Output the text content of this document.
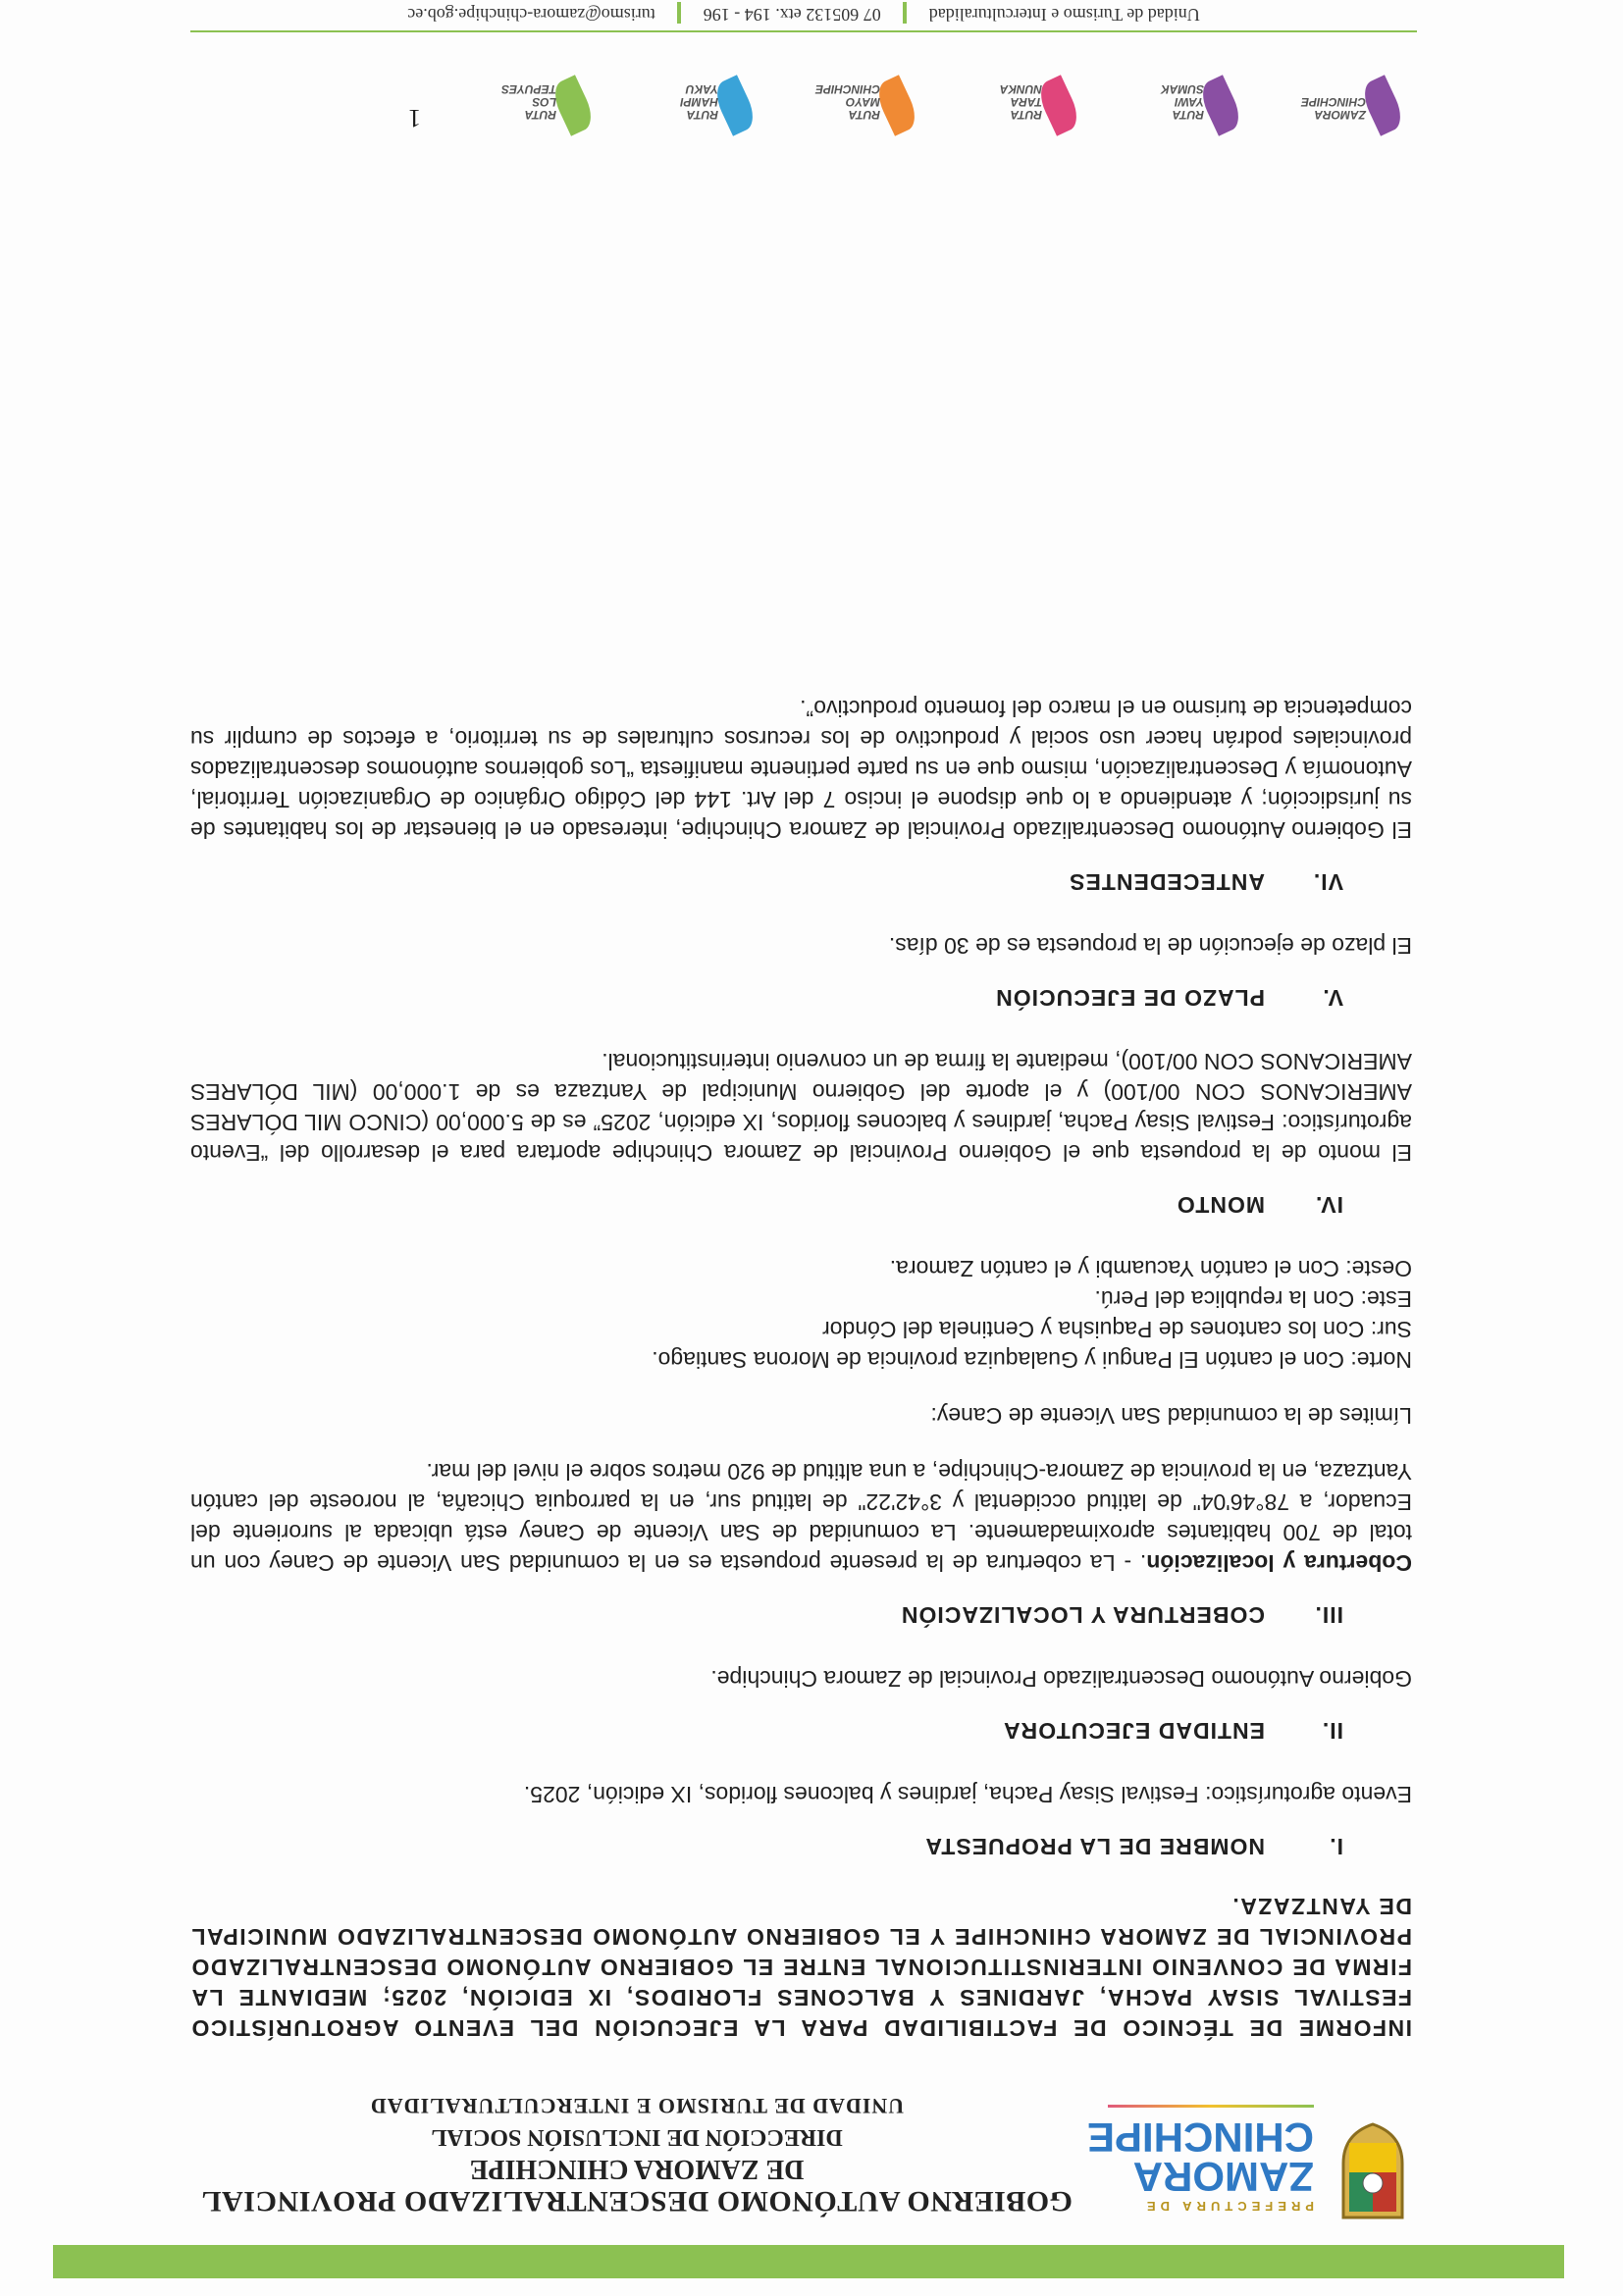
PREFECTURA DE
ZAMORA
CHINCHIPE
GOBIERNO AUTÓNOMO DESCENTRALIZADO PROVINCIAL
DE ZAMORA CHINCHIPE
DIRECCIÓN DE INCLUSIÓN SOCIAL
UNIDAD DE TURISMO E INTERCULTURALIDAD
INFORME DE TÉCNICO DE FACTIBILIDAD PARA LA EJECUCIÓN DEL EVENTO AGROTURÍSTICO FESTIVAL SISAY PACHA, JARDINES Y BALCONES FLORIDOS, IX EDICIÓN, 2025; MEDIANTE LA FIRMA DE CONVENIO INTERINSTITUCIONAL ENTRE EL GOBIERNO AUTÓNOMO DESCENTRALIZADO PROVINCIAL DE ZAMORA CHINCHIPE Y EL GOBIERNO AUTÓNOMO DESCENTRALIZADO MUNICIPAL DE YANTZAZA.
I.NOMBRE DE LA PROPUESTA

Evento agroturístico: Festival Sisay Pacha, jardines y balcones floridos, IX edición, 2025.

II.ENTIDAD EJECUTORA

Gobierno Autónomo Descentralizado Provincial de Zamora Chinchipe.

III.COBERTURA Y LOCALIZACIÓN

Cobertura y localización. - La cobertura de la presente propuesta es en la comunidad San Vicente de Caney con un total de 700 habitantes aproximadamente. La comunidad de San Vicente de Caney está ubicada al suroriente del Ecuador, a 78°46'04" de latitud occidental y 3°42'22" de latitud sur, en la parroquia Chicaña, al noroeste del cantón Yantzaza, en la provincia de Zamora-Chinchipe, a una altitud de 920 metros sobre el nivel del mar.

Límites de la comunidad San Vicente de Caney:

Norte: Con el cantón El Pangui y Gualaquiza provincia de Morona Santiago.

Sur: Con los cantones de Paquisha y Centinela del Cóndor

Este: Con la republica del Perú.

Oeste: Con el cantón Yacuambi y el cantón Zamora.

IV.MONTO

El monto de la propuesta que el Gobierno Provincial de Zamora Chinchipe aportara para el desarrollo del “Evento agroturístico: Festival Sisay Pacha, jardines y balcones floridos, IX edición, 2025” es de 5.000,00 (CINCO MIL DÓLARES AMERICANOS CON 00/100) y el aporte del Gobierno Municipal de Yantzaza es de 1.000,00 (MIL DÓLARES AMERICANOS CON 00/100), mediante la firma de un convenio interinstitucional.

V.PLAZO DE EJECUCIÓN

El plazo de ejecución de la propuesta es de 30 días.

VI.ANTECEDENTES

El Gobierno Autónomo Descentralizado Provincial de Zamora Chinchipe, interesado en el bienestar de los habitantes de su jurisdicción; y atendiendo a lo que dispone el inciso 7 del Art. 144 del Código Orgánico de Organización Territorial, Autonomía y Descentralización, mismo que en su parte pertinente manifiesta “Los gobiernos autónomos descentralizados provinciales podrán hacer uso social y productivo de los recursos culturales de su territorio, a efectos de cumplir su competencia de turismo en el marco del fomento productivo”.

1	ZAMORA CHINCHIPE
RUTA YAWI SUMAK
RUTA TARA NUNKA
RUTA MAYO CHINCHIPE
RUTA HAMPI YAKU
RUTA LOS TEPUYES
Unidad de Turismo e Interculturalidad  07 605132 etx. 194 - 196  turismo@zamora-chinchipe.gob.ec
